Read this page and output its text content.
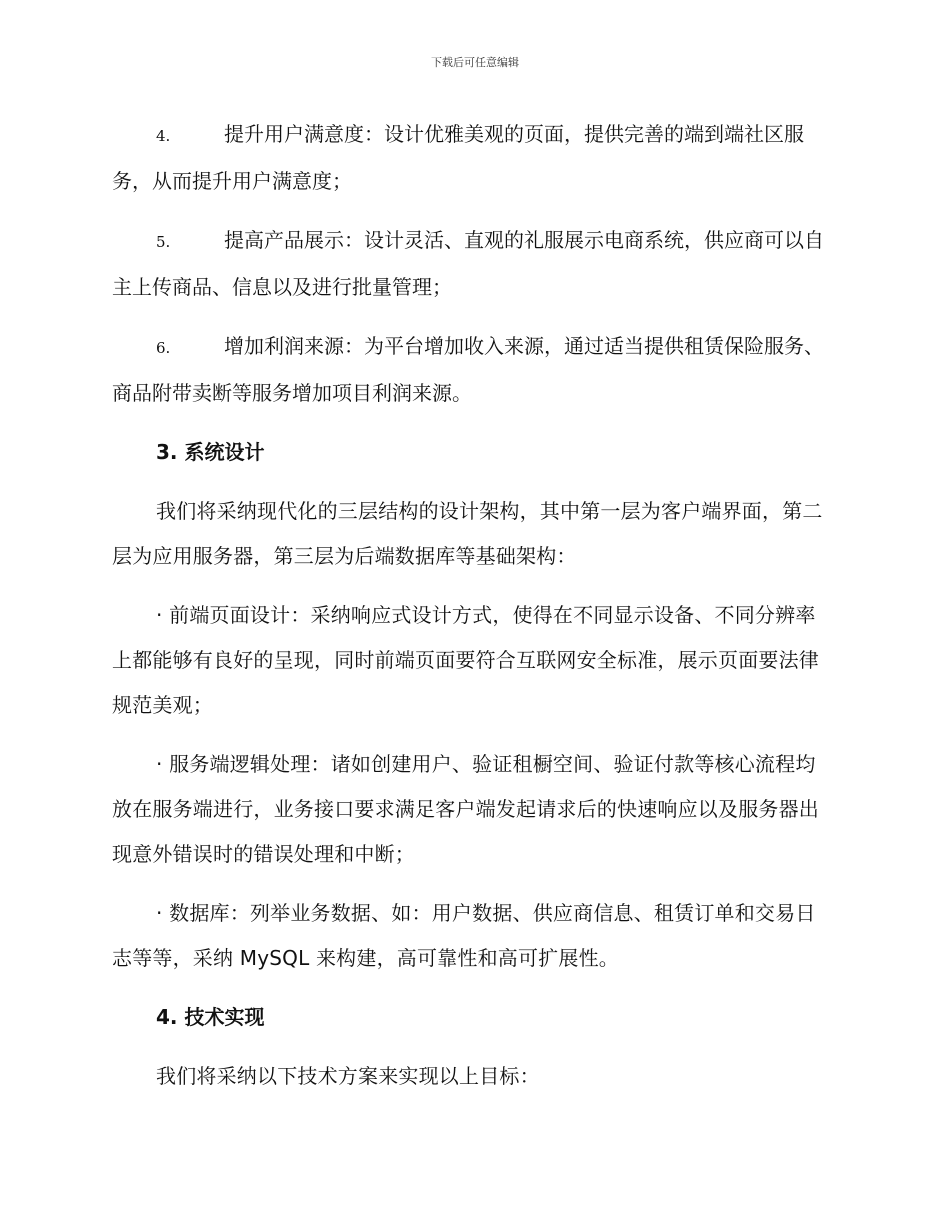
下载后可任意编辑
4.	提升用户满意度：设计优雅美观的页面，提供完善的端到端社区服务，从而提升用户满意度；
5.	提高产品展示：设计灵活、直观的礼服展示电商系统，供应商可以自主上传商品、信息以及进行批量管理；
6.	增加利润来源：为平台增加收入来源，通过适当提供租赁保险服务、商品附带卖断等服务增加项目利润来源。
3. 系统设计

我们将采纳现代化的三层结构的设计架构，其中第一层为客户端界面，第二层为应用服务器，第三层为后端数据库等基础架构：

· 前端页面设计：采纳响应式设计方式，使得在不同显示设备、不同分辨率上都能够有良好的呈现，同时前端页面要符合互联网安全标准，展示页面要法律规范美观；

· 服务端逻辑处理：诸如创建用户、验证租橱空间、验证付款等核心流程均放在服务端进行，业务接口要求满足客户端发起请求后的快速响应以及服务器出现意外错误时的错误处理和中断；

· 数据库：列举业务数据、如：用户数据、供应商信息、租赁订单和交易日志等等，采纳 MySQL 来构建，高可靠性和高可扩展性。

4. 技术实现

我们将采纳以下技术方案来实现以上目标：
